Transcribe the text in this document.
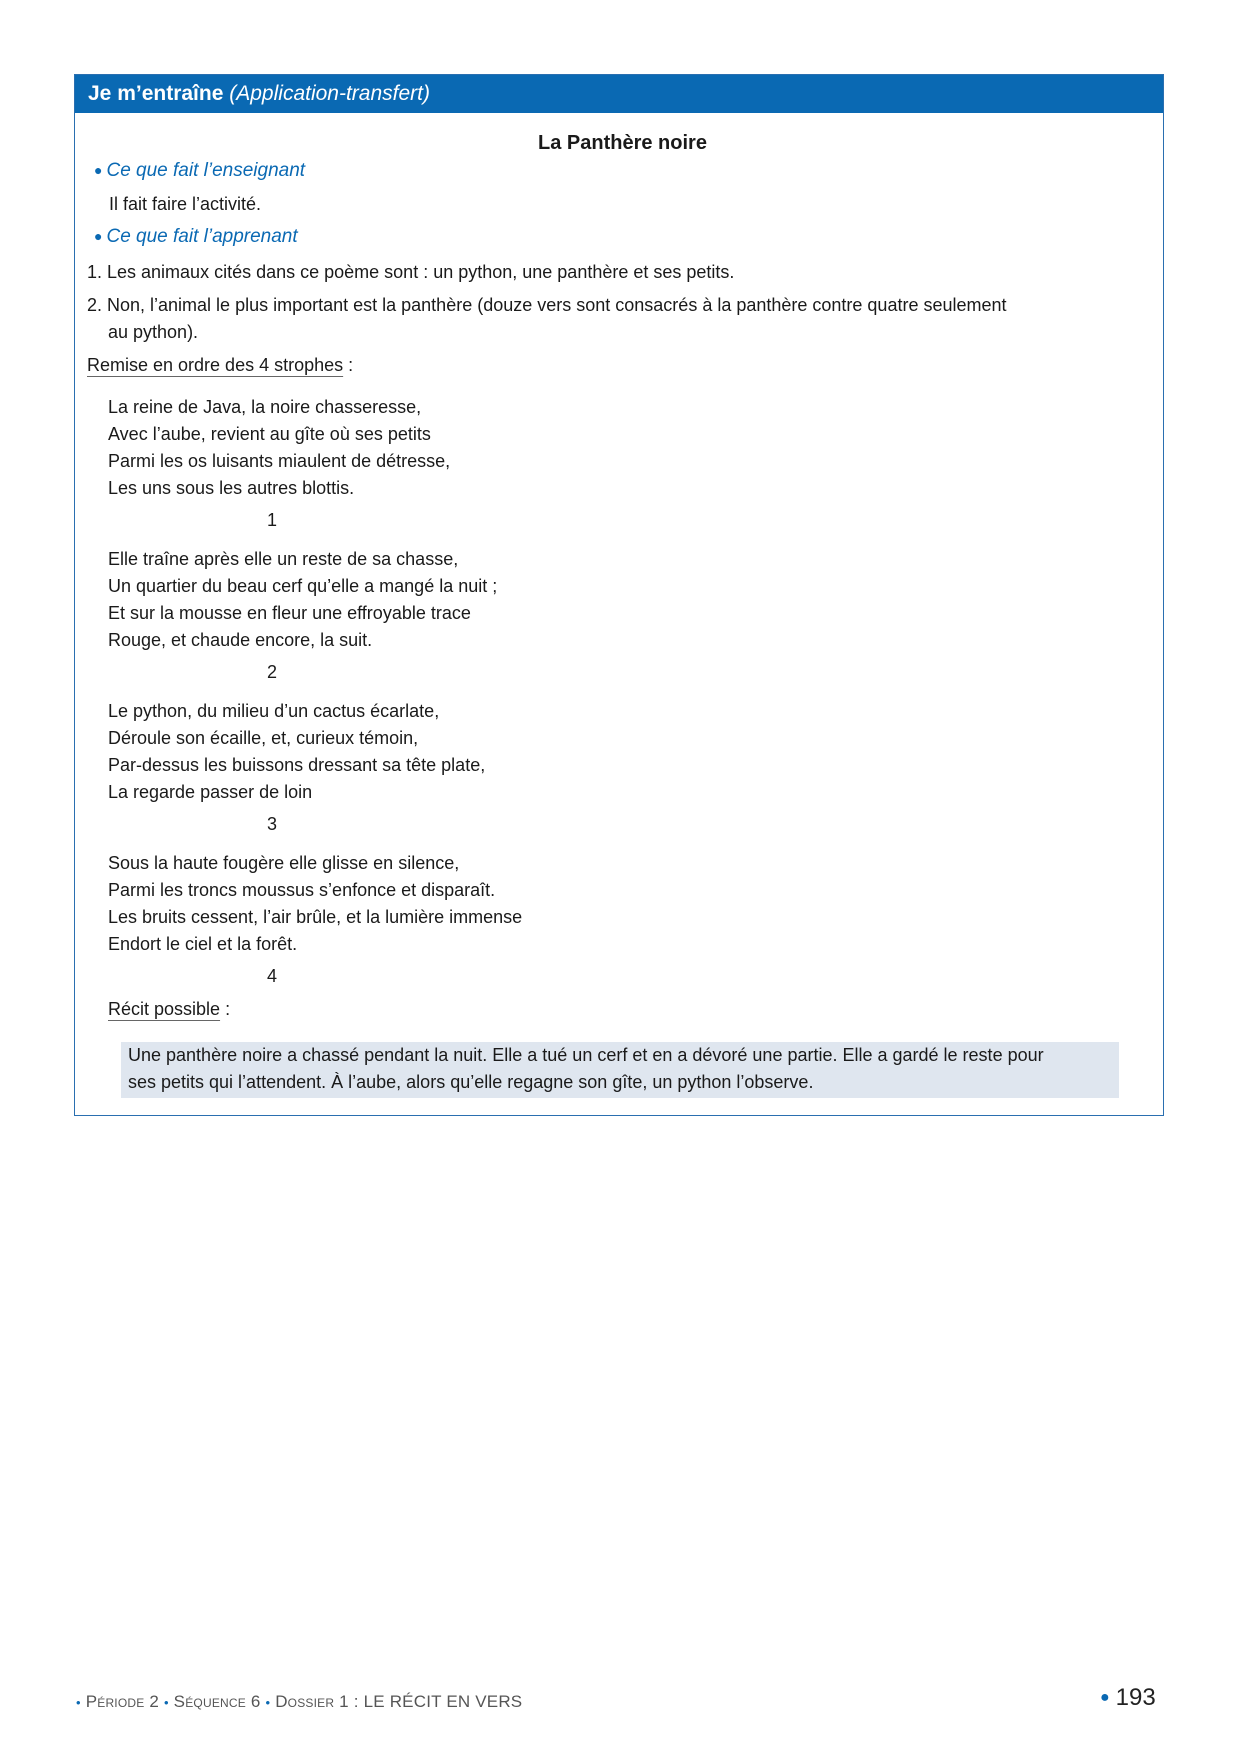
Je m’entraîne (Application-transfert)
La Panthère noire
● Ce que fait l’enseignant
Il fait faire l’activité.
● Ce que fait l’apprenant
1. Les animaux cités dans ce poème sont : un python, une panthère et ses petits.
2. Non, l’animal le plus important est la panthère (douze vers sont consacrés à la panthère contre quatre seulement
au python).
Remise en ordre des 4 strophes :
La reine de Java, la noire chasseresse,
Avec l’aube, revient au gîte où ses petits
Parmi les os luisants miaulent de détresse,
Les uns sous les autres blottis.
1
Elle traîne après elle un reste de sa chasse,
Un quartier du beau cerf qu’elle a mangé la nuit ;
Et sur la mousse en fleur une effroyable trace
Rouge, et chaude encore, la suit.
2
Le python, du milieu d’un cactus écarlate,
Déroule son écaille, et, curieux témoin,
Par-dessus les buissons dressant sa tête plate,
La regarde passer de loin
3
Sous la haute fougère elle glisse en silence,
Parmi les troncs moussus s’enfonce et disparaît.
Les bruits cessent, l’air brûle, et la lumière immense
Endort le ciel et la forêt.
4
Récit possible :
Une panthère noire a chassé pendant la nuit. Elle a tué un cerf et en a dévoré une partie. Elle a gardé le reste pour
ses petits qui l’attendent. À l’aube, alors qu’elle regagne son gîte, un python l’observe.
• Période 2 • Séquence 6 • Dossier 1 : LE RÉCIT EN VERS	● 193
